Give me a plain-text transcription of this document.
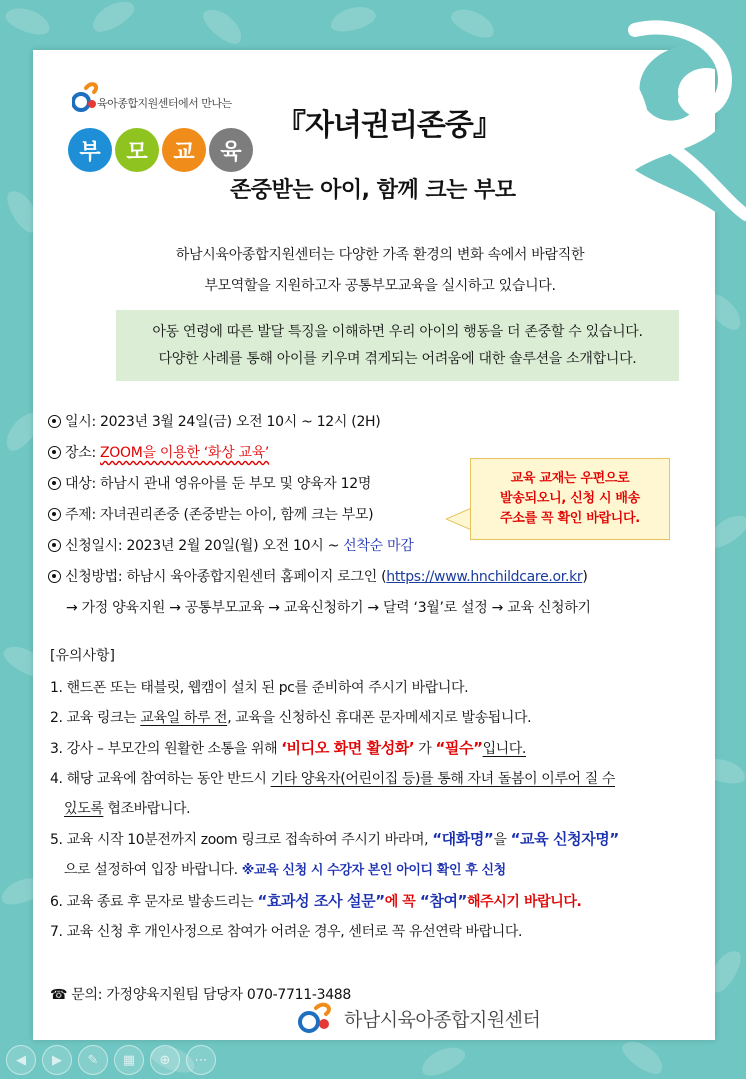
육아종합지원센터에서 만나는
부	모	교	육
『자녀권리존중』
존중받는 아이, 함께 크는 부모
하남시육아종합지원센터는 다양한 가족 환경의 변화 속에서 바람직한
부모역할을 지원하고자 공통부모교육을 실시하고 있습니다.
아동 연령에 따른 발달 특징을 이해하면 우리 아이의 행동을 더 존중할 수 있습니다.
다양한 사례를 통해 아이를 키우며 겪게되는 어려움에 대한 솔루션을 소개합니다.
일시: 2023년 3월 24일(금) 오전 10시 ~ 12시 (2H)
장소: ZOOM을 이용한 ‘화상 교육’
대상: 하남시 관내 영유아를 둔 부모 및 양육자 12명
주제: 자녀권리존중 (존중받는 아이, 함께 크는 부모)
신청일시: 2023년 2월 20일(월) 오전 10시 ~ 선착순 마감
신청방법: 하남시 육아종합지원센터 홈페이지 로그인 (https://www.hnchildcare.or.kr)
→ 가정 양육지원 → 공통부모교육 → 교육신청하기 → 달력 ‘3월’로 설정 → 교육 신청하기
교육 교재는 우편으로
발송되오니, 신청 시 배송
주소를 꼭 확인 바랍니다.
[유의사항]
1. 핸드폰 또는 태블릿, 웹캠이 설치 된 pc를 준비하여 주시기 바랍니다.
2. 교육 링크는 교육일 하루 전, 교육을 신청하신 휴대폰 문자메세지로 발송됩니다.
3. 강사 – 부모간의 원활한 소통을 위해 ‘비디오 화면 활성화’ 가 “필수”입니다.
4. 해당 교육에 참여하는 동안 반드시 기타 양육자(어린이집 등)를 통해 자녀 돌봄이 이루어 질 수
있도록 협조바랍니다.
5. 교육 시작 10분전까지 zoom 링크로 접속하여 주시기 바라며, “대화명”을 “교육 신청자명”
으로 설정하여 입장 바랍니다. ※교육 신청 시 수강자 본인 아이디 확인 후 신청
6. 교육 종료 후 문자로 발송드리는 “효과성 조사 설문”에 꼭 “참여”해주시기 바랍니다.
7. 교육 신청 후 개인사정으로 참여가 어려운 경우, 센터로 꼭 유선연락 바랍니다.
☎ 문의: 가정양육지원팀 담당자 070-7711-3488
하남시육아종합지원센터
◀	▶	✎	▦	⊕	⋯
